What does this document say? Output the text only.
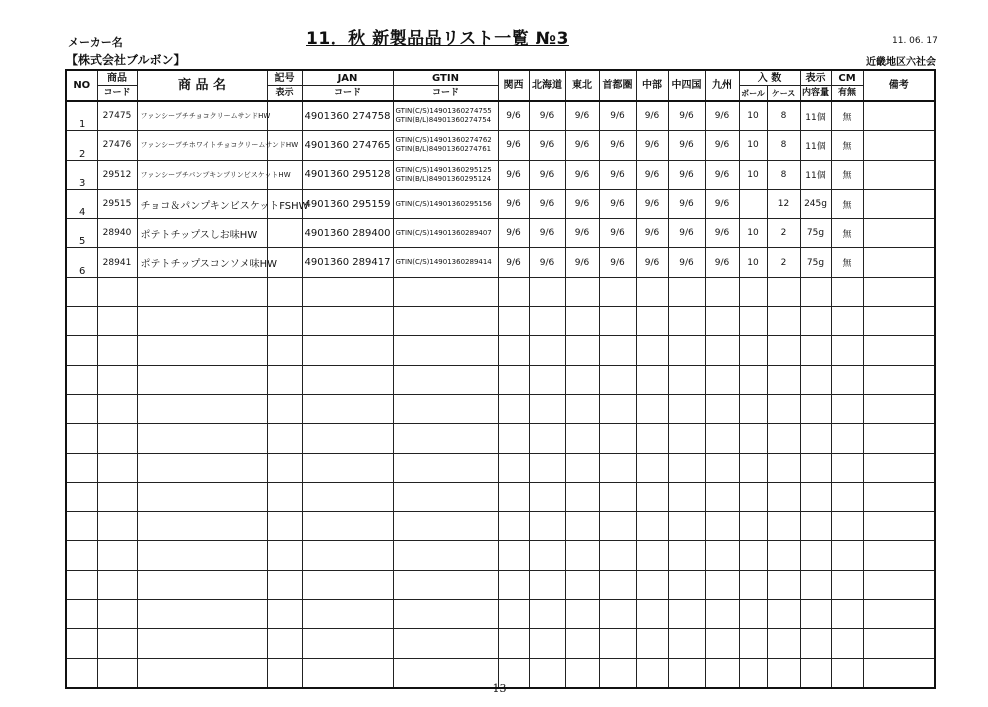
メーカー名	11．秋 新製品品リスト一覧 №3	11. 06. 17
【株式会社ブルボン】	近畿地区六社会
NO	商品	商 品 名	記号	JAN	GTIN	関西	北海道	東北	首都圏	中部	中四国	九州	入 数		表示	CM	備考
	コード		表示	コード	コード								ボール	ケース	内容量	有無	
1	27475	ファンシーブチチョコクリームサンドHW		4901360 274758	GTIN(C/S)14901360274755
GTIN(B/L)84901360274754	9/6	9/6	9/6	9/6	9/6	9/6	9/6	10	8	11個	無	
2	27476	ファンシーブチホワイトチョコクリームサンドHW		4901360 274765	GTIN(C/S)14901360274762
GTIN(B/L)84901360274761	9/6	9/6	9/6	9/6	9/6	9/6	9/6	10	8	11個	無	
3	29512	ファンシーブチパンプキンプリンビスケットHW		4901360 295128	GTIN(C/S)14901360295125
GTIN(B/L)84901360295124	9/6	9/6	9/6	9/6	9/6	9/6	9/6	10	8	11個	無	
4	29515	チョコ＆パンプキンビスケットFSHW		4901360 295159	GTIN(C/S)14901360295156	9/6	9/6	9/6	9/6	9/6	9/6	9/6		12	245g	無	
5	28940	ポテトチップスしお味HW		4901360 289400	GTIN(C/S)14901360289407	9/6	9/6	9/6	9/6	9/6	9/6	9/6	10	2	75g	無	
6	28941	ポテトチップスコンソメ味HW		4901360 289417	GTIN(C/S)14901360289414	9/6	9/6	9/6	9/6	9/6	9/6	9/6	10	2	75g	無	

－ 13 －
